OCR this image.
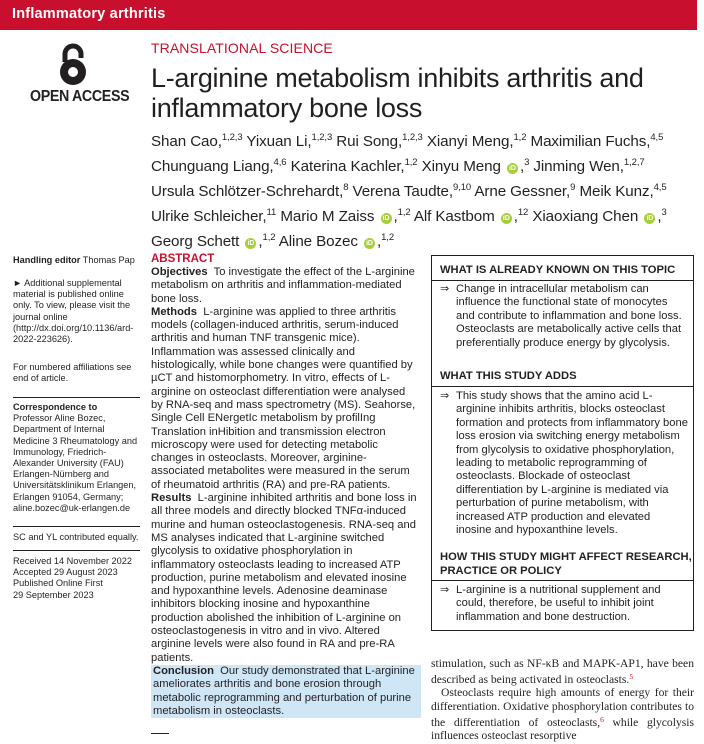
Inflammatory arthritis
OPEN ACCESS
TRANSLATIONAL SCIENCE
L-arginine metabolism inhibits arthritis and
inflammatory bone loss
Shan Cao,$^{1,2,3}$ Yixuan Li,$^{1,2,3}$ Rui Song,$^{1,2,3}$ Xianyi Meng,$^{1,2}$ Maximilian Fuchs,$^{4,5}$ Chunguang Liang,$^{4,6}$ Katerina Kachler,$^{1,2}$ Xinyu Meng iD ,$^3$ Jinming Wen,$^{1,2,7}$ Ursula Schlötzer-Schrehardt,$^8$ Verena Taudte,$^{9,10}$ Arne Gessner,$^9$ Meik Kunz,$^{4,5}$ Ulrike Schleicher,$^{11}$ Mario M Zaiss iD ,$^{1,2}$ Alf Kastbom iD ,$^{12}$ Xiaoxiang Chen iD ,$^3$ Georg Schett iD ,$^{1,2}$ Aline Bozec iD ,$^{1,2}$
Handling editor Thomas Pap
► Additional supplemental material is published online only. To view, please visit the journal online (http://dx.doi.org/10.1136/ard-2022-223626).
For numbered affiliations see end of article.
Correspondence to
Professor Aline Bozec, Department of Internal Medicine 3 Rheumatology and Immunology, Friedrich-Alexander University (FAU) Erlangen-Nürnberg and Universitätsklinikum Erlangen, Erlangen 91054, Germany; aline.bozec@uk-erlangen.de
SC and YL contributed equally.
Received 14 November 2022
Accepted 29 August 2023
Published Online First
29 September 2023
ABSTRACT

Objectives To investigate the effect of the L-arginine metabolism on arthritis and inflammation-mediated bone loss.

Methods L-arginine was applied to three arthritis models (collagen-induced arthritis, serum-induced arthritis and human TNF transgenic mice). Inflammation was assessed clinically and histologically, while bone changes were quantified by µCT and histomorphometry. In vitro, effects of L-arginine on osteoclast differentiation were analysed by RNA-seq and mass spectrometry (MS). Seahorse, Single Cell ENergetIc metabolism by profilIng Translation inHibition and transmission electron microscopy were used for detecting metabolic changes in osteoclasts. Moreover, arginine-associated metabolites were measured in the serum of rheumatoid arthritis (RA) and pre-RA patients.

Results L-arginine inhibited arthritis and bone loss in all three models and directly blocked TNFα-induced murine and human osteoclastogenesis. RNA-seq and MS analyses indicated that L-arginine switched glycolysis to oxidative phosphorylation in inflammatory osteoclasts leading to increased ATP production, purine metabolism and elevated inosine and hypoxanthine levels. Adenosine deaminase inhibitors blocking inosine and hypoxanthine production abolished the inhibition of L-arginine on osteoclastogenesis in vitro and in vivo. Altered arginine levels were also found in RA and pre-RA patients.

Conclusion Our study demonstrated that L-arginine ameliorates arthritis and bone erosion through metabolic reprogramming and perturbation of purine metabolism in osteoclasts.

WHAT IS ALREADY KNOWN ON THIS TOPIC
⇒ Change in intracellular metabolism can influence the functional state of monocytes and contribute to inflammation and bone loss. Osteoclasts are metabolically active cells that preferentially produce energy by glycolysis.
WHAT THIS STUDY ADDS
⇒ This study shows that the amino acid L-arginine inhibits arthritis, blocks osteoclast formation and protects from inflammatory bone loss erosion via switching energy metabolism from glycolysis to oxidative phosphorylation, leading to metabolic reprogramming of osteoclasts. Blockade of osteoclast differentiation by L-arginine is mediated via perturbation of purine metabolism, with increased ATP production and elevated inosine and hypoxanthine levels.
HOW THIS STUDY MIGHT AFFECT RESEARCH,
PRACTICE OR POLICY
⇒ L-arginine is a nutritional supplement and could, therefore, be useful to inhibit joint inflammation and bone destruction.

stimulation, such as NF-κB and MAPK-AP1, have been described as being activated in osteoclasts.$^5$

Osteoclasts require high amounts of energy for their differentiation. Oxidative phosphorylation contributes to the differentiation of osteoclasts,$^6$ while glycolysis influences osteoclast resorptive
